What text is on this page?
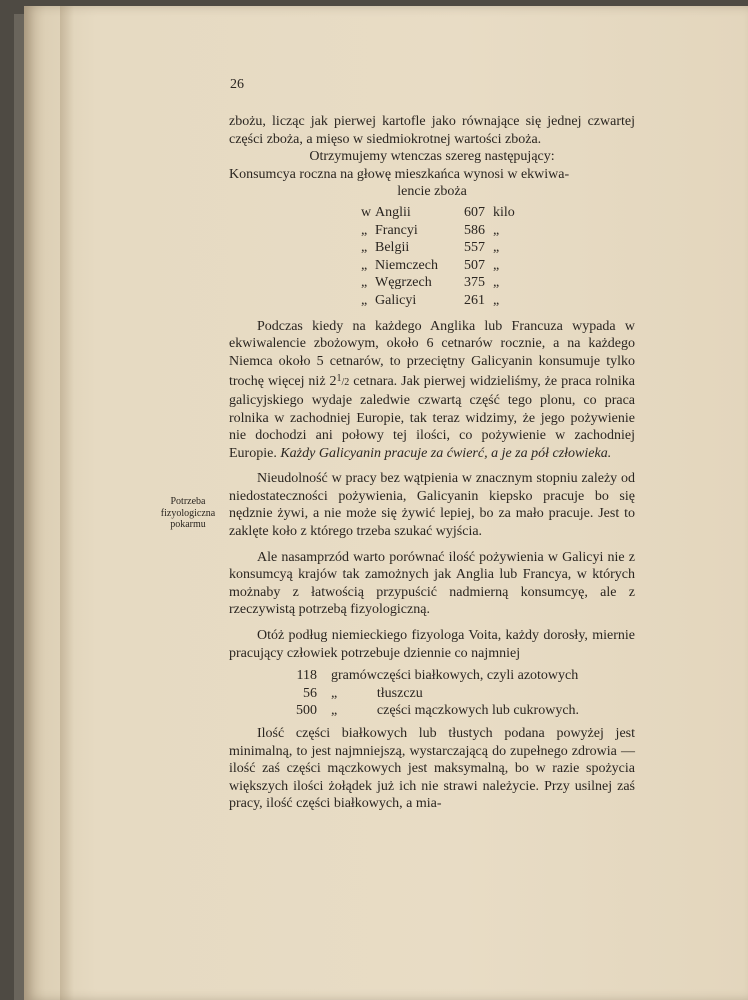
26
Potrzeba
fizyologiczna
pokarmu

zbożu, licząc jak pierwej kartofle jako równające się jednej czwartej części zboża, a mięso w siedmiokrotnej wartości zboża.

Otrzymujemy wtenczas szereg następujący:

Konsumcya roczna na głowę mieszkańca wynosi w ekwiwa-

lencie zboża

w	Anglii	607	kilo
„	Francyi	586	„
„	Belgii	557	„
„	Niemczech	507	„
„	Węgrzech	375	„
„	Galicyi	261	„

Podczas kiedy na każdego Anglika lub Francuza wypada w ekwiwalencie zbożowym, około 6 cetnarów rocznie, a na każdego Niemca około 5 cetnarów, to przeciętny Galicyanin konsumuje tylko trochę więcej niż 21/2 cetnara. Jak pierwej widzieliśmy, że praca rolnika galicyjskiego wydaje zaledwie czwartą część tego plonu, co praca rolnika w zachodniej Europie, tak teraz widzimy, że jego pożywienie nie dochodzi ani połowy tej ilości, co pożywienie w zachodniej Europie. Każdy Galicyanin pracuje za ćwierć, a je za pół człowieka.

Nieudolność w pracy bez wątpienia w znacznym stopniu zależy od niedostateczności pożywienia, Galicyanin kiepsko pracuje bo się nędznie żywi, a nie może się żywić lepiej, bo za mało pracuje. Jest to zaklęte koło z którego trzeba szukać wyjścia.

Ale nasamprzód warto porównać ilość pożywienia w Galicyi nie z konsumcyą krajów tak zamożnych jak Anglia lub Francya, w których możnaby z łatwością przypuścić nadmierną konsumcyę, ale z rzeczywistą potrzebą fizyologiczną.

Otóż podług niemieckiego fizyologa Voita, każdy dorosły, miernie pracujący człowiek potrzebuje dziennie co najmniej

118	gramów	części białkowych, czyli azotowych
56	„	tłuszczu
500	„	części mączkowych lub cukrowych.

Ilość części białkowych lub tłustych podana powyżej jest minimalną, to jest najmniejszą, wystarczającą do zupełnego zdrowia — ilość zaś części mączkowych jest maksymalną, bo w razie spożycia większych ilości żołądek już ich nie strawi należycie. Przy usilnej zaś pracy, ilość części białkowych, a mia-
